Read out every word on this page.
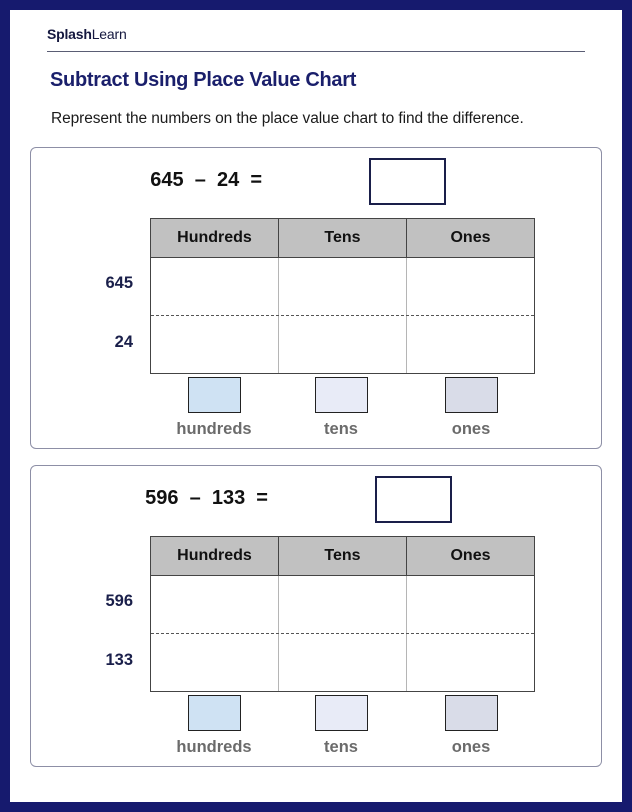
SplashLearn
Subtract Using Place Value Chart
Represent the numbers on the place value chart to find the difference.
645  –  24  =
645
24
Hundreds	Tens	Ones
hundreds	tens	ones
596  –  133  =
596
133
Hundreds	Tens	Ones
hundreds	tens	ones
